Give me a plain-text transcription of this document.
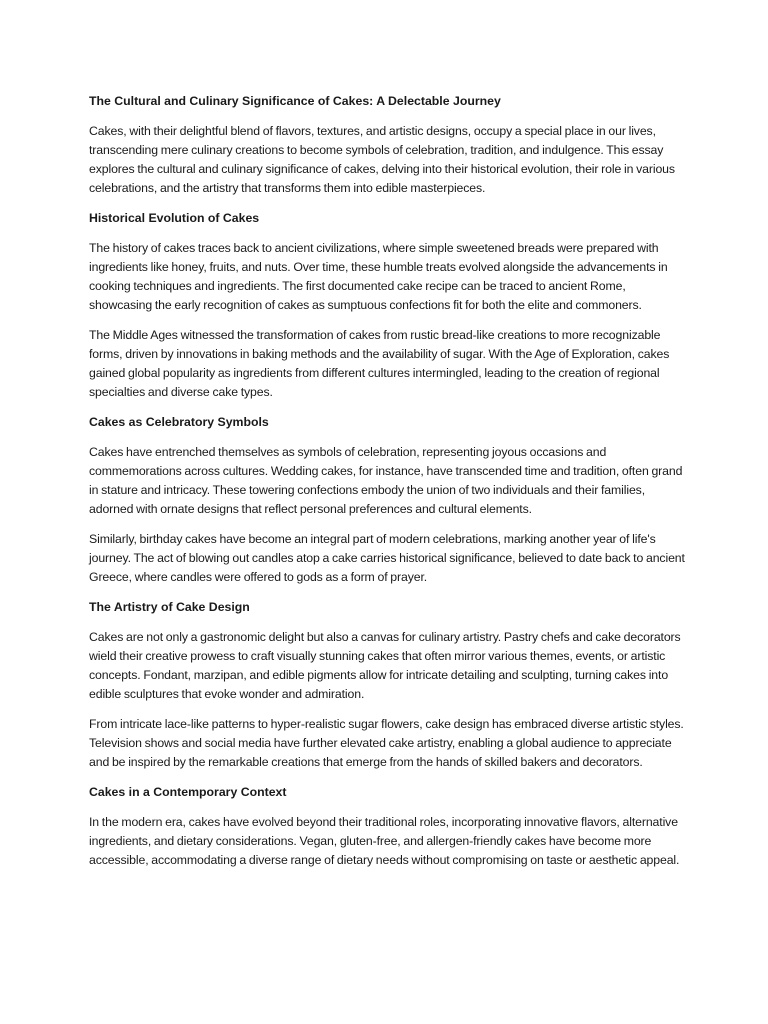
The Cultural and Culinary Significance of Cakes: A Delectable Journey

Cakes, with their delightful blend of flavors, textures, and artistic designs, occupy a special place in our lives, transcending mere culinary creations to become symbols of celebration, tradition, and indulgence. This essay explores the cultural and culinary significance of cakes, delving into their historical evolution, their role in various celebrations, and the artistry that transforms them into edible masterpieces.

Historical Evolution of Cakes

The history of cakes traces back to ancient civilizations, where simple sweetened breads were prepared with ingredients like honey, fruits, and nuts. Over time, these humble treats evolved alongside the advancements in cooking techniques and ingredients. The first documented cake recipe can be traced to ancient Rome, showcasing the early recognition of cakes as sumptuous confections fit for both the elite and commoners.

The Middle Ages witnessed the transformation of cakes from rustic bread-like creations to more recognizable forms, driven by innovations in baking methods and the availability of sugar. With the Age of Exploration, cakes gained global popularity as ingredients from different cultures intermingled, leading to the creation of regional specialties and diverse cake types.

Cakes as Celebratory Symbols

Cakes have entrenched themselves as symbols of celebration, representing joyous occasions and commemorations across cultures. Wedding cakes, for instance, have transcended time and tradition, often grand in stature and intricacy. These towering confections embody the union of two individuals and their families, adorned with ornate designs that reflect personal preferences and cultural elements.

Similarly, birthday cakes have become an integral part of modern celebrations, marking another year of life's journey. The act of blowing out candles atop a cake carries historical significance, believed to date back to ancient Greece, where candles were offered to gods as a form of prayer.

The Artistry of Cake Design

Cakes are not only a gastronomic delight but also a canvas for culinary artistry. Pastry chefs and cake decorators wield their creative prowess to craft visually stunning cakes that often mirror various themes, events, or artistic concepts. Fondant, marzipan, and edible pigments allow for intricate detailing and sculpting, turning cakes into edible sculptures that evoke wonder and admiration.

From intricate lace-like patterns to hyper-realistic sugar flowers, cake design has embraced diverse artistic styles. Television shows and social media have further elevated cake artistry, enabling a global audience to appreciate and be inspired by the remarkable creations that emerge from the hands of skilled bakers and decorators.

Cakes in a Contemporary Context

In the modern era, cakes have evolved beyond their traditional roles, incorporating innovative flavors, alternative ingredients, and dietary considerations. Vegan, gluten-free, and allergen-friendly cakes have become more accessible, accommodating a diverse range of dietary needs without compromising on taste or aesthetic appeal.
